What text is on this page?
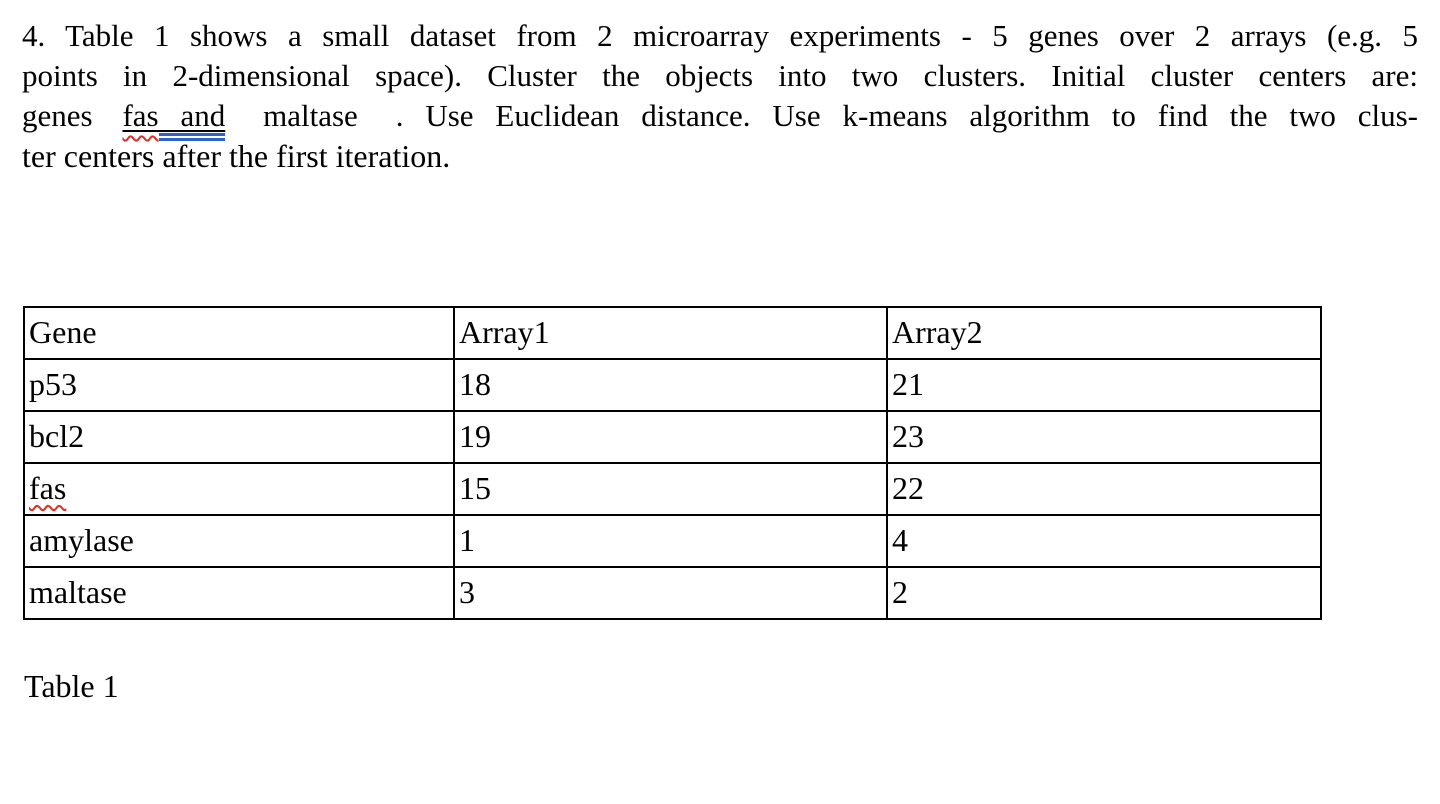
4. Table 1 shows a small dataset from 2 microarray experiments - 5 genes over 2 arrays (e.g. 5
points in 2-dimensional space). Cluster the objects into two clusters. Initial cluster centers are:
genes fas and maltase . Use Euclidean distance. Use k-means algorithm to find the two clus-
ter centers after the first iteration.
Gene	Array1	Array2
p53	18	21
bcl2	19	23
fas	15	22
amylase	1	4
maltase	3	2
Table 1
